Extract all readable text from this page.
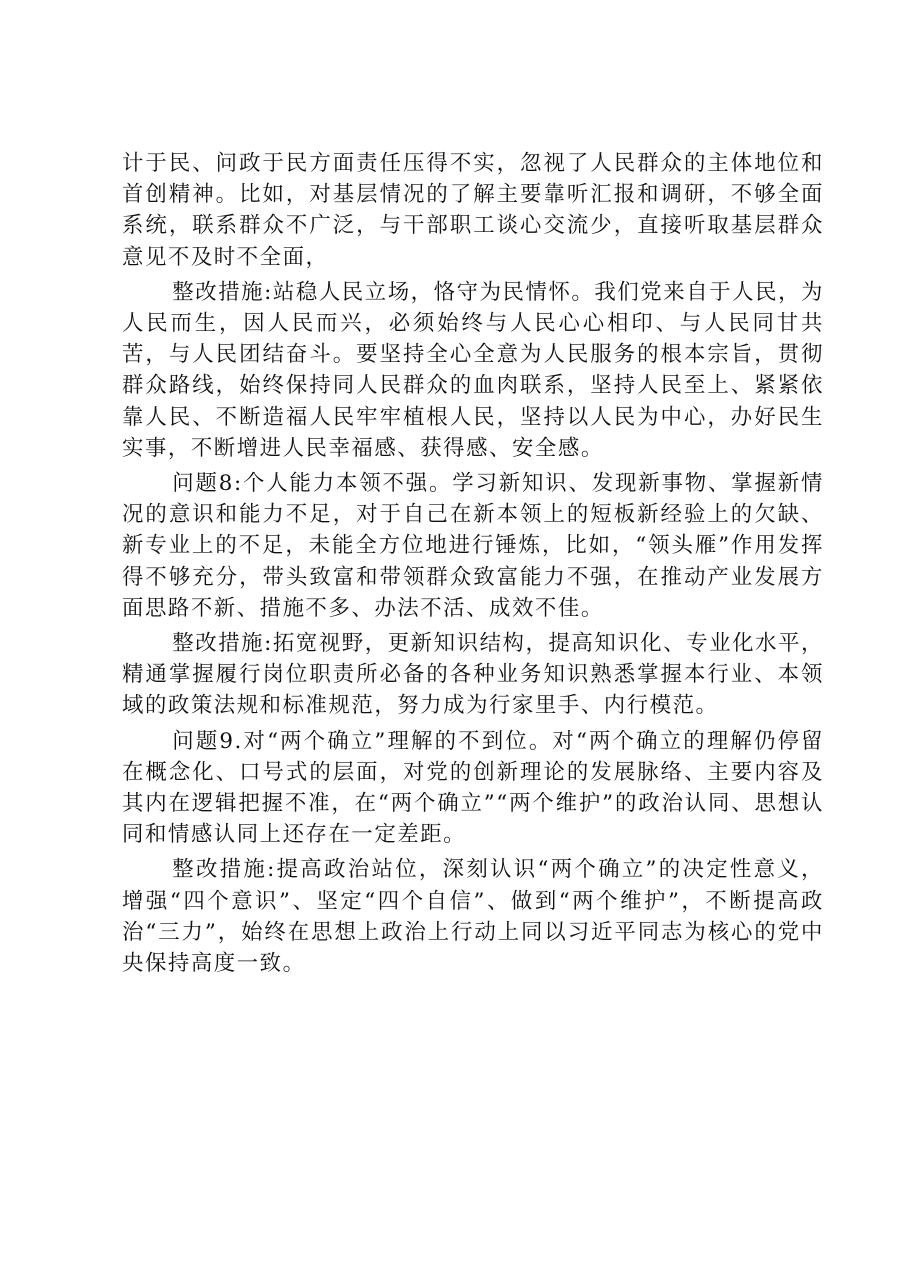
计于民、问政于民方面责任压得不实，忽视了人民群众的主体地位和首创精神。比如，对基层情况的了解主要靠听汇报和调研，不够全面系统，联系群众不广泛，与干部职工谈心交流少，直接听取基层群众意见不及时不全面，

整改措施:站稳人民立场，恪守为民情怀。我们党来自于人民，为人民而生，因人民而兴，必须始终与人民心心相印、与人民同甘共苦，与人民团结奋斗。要坚持全心全意为人民服务的根本宗旨，贯彻群众路线，始终保持同人民群众的血肉联系，坚持人民至上、紧紧依靠人民、不断造福人民牢牢植根人民，坚持以人民为中心，办好民生实事，不断增进人民幸福感、获得感、安全感。

问题8:个人能力本领不强。学习新知识、发现新事物、掌握新情况的意识和能力不足，对于自己在新本领上的短板新经验上的欠缺、新专业上的不足，未能全方位地进行锤炼，比如，“领头雁”作用发挥得不够充分，带头致富和带领群众致富能力不强，在推动产业发展方面思路不新、措施不多、办法不活、成效不佳。

整改措施:拓宽视野，更新知识结构，提高知识化、专业化水平，精通掌握履行岗位职责所必备的各种业务知识熟悉掌握本行业、本领域的政策法规和标准规范，努力成为行家里手、内行模范。

问题9.对“两个确立”理解的不到位。对“两个确立的理解仍停留在概念化、口号式的层面，对党的创新理论的发展脉络、主要内容及其内在逻辑把握不准，在“两个确立”“两个维护”的政治认同、思想认同和情感认同上还存在一定差距。

整改措施:提高政治站位，深刻认识“两个确立”的决定性意义，增强“四个意识”、坚定“四个自信”、做到“两个维护”，不断提高政治“三力”，始终在思想上政治上行动上同以习近平同志为核心的党中央保持高度一致。
